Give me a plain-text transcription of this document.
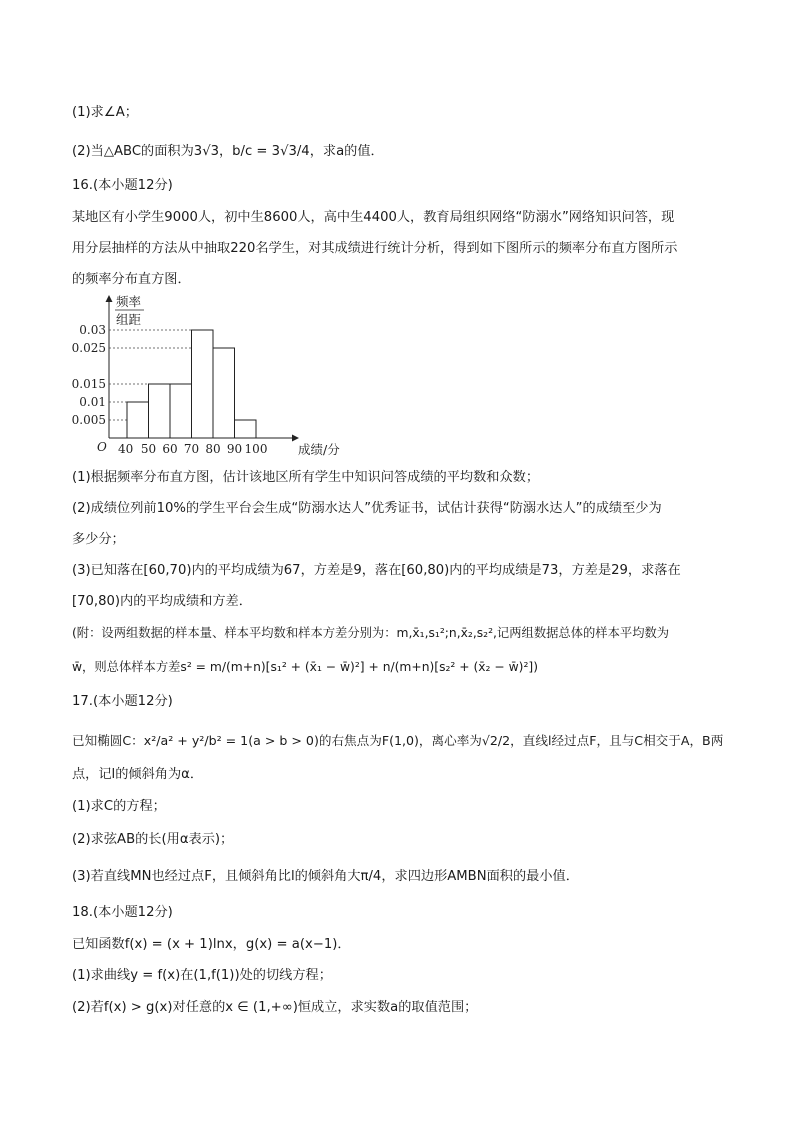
(1)求∠A；
(2)当△ABC的面积为3√3，b/c = 3√3/4，求a的值．
16.(本小题12分)
某地区有小学生9000人，初中生8600人，高中生4400人，教育局组织网络“防溺水”网络知识问答，现
用分层抽样的方法从中抽取220名学生，对其成绩进行统计分析，得到如下图所示的频率分布直方图所示
的频率分布直方图．
0.005
0.01
0.015
0.025
0.03
40 50 60 70 80 90 100
O	成绩/分
频率
组距
(1)根据频率分布直方图，估计该地区所有学生中知识问答成绩的平均数和众数；
(2)成绩位列前10%的学生平台会生成“防溺水达人”优秀证书，试估计获得“防溺水达人”的成绩至少为
多少分；
(3)已知落在[60,70)内的平均成绩为67，方差是9，落在[60,80)内的平均成绩是73，方差是29，求落在
[70,80)内的平均成绩和方差．
(附：设两组数据的样本量、样本平均数和样本方差分别为：m,x̄₁,s₁²;n,x̄₂,s₂²,记两组数据总体的样本平均数为
w̄，则总体样本方差s² = m/(m+n)[s₁² + (x̄₁ − w̄)²] + n/(m+n)[s₂² + (x̄₂ − w̄)²])
17.(本小题12分)
已知椭圆C：x²/a² + y²/b² = 1(a > b > 0)的右焦点为F(1,0)，离心率为√2/2，直线l经过点F，且与C相交于A，B两
点，记l的倾斜角为α．
(1)求C的方程；
(2)求弦AB的长(用α表示)；
(3)若直线MN也经过点F，且倾斜角比l的倾斜角大π/4，求四边形AMBN面积的最小值．
18.(本小题12分)
已知函数f(x) = (x + 1)lnx，g(x) = a(x−1)．
(1)求曲线y = f(x)在(1,f(1))处的切线方程；
(2)若f(x) > g(x)对任意的x ∈ (1,+∞)恒成立，求实数a的取值范围；
